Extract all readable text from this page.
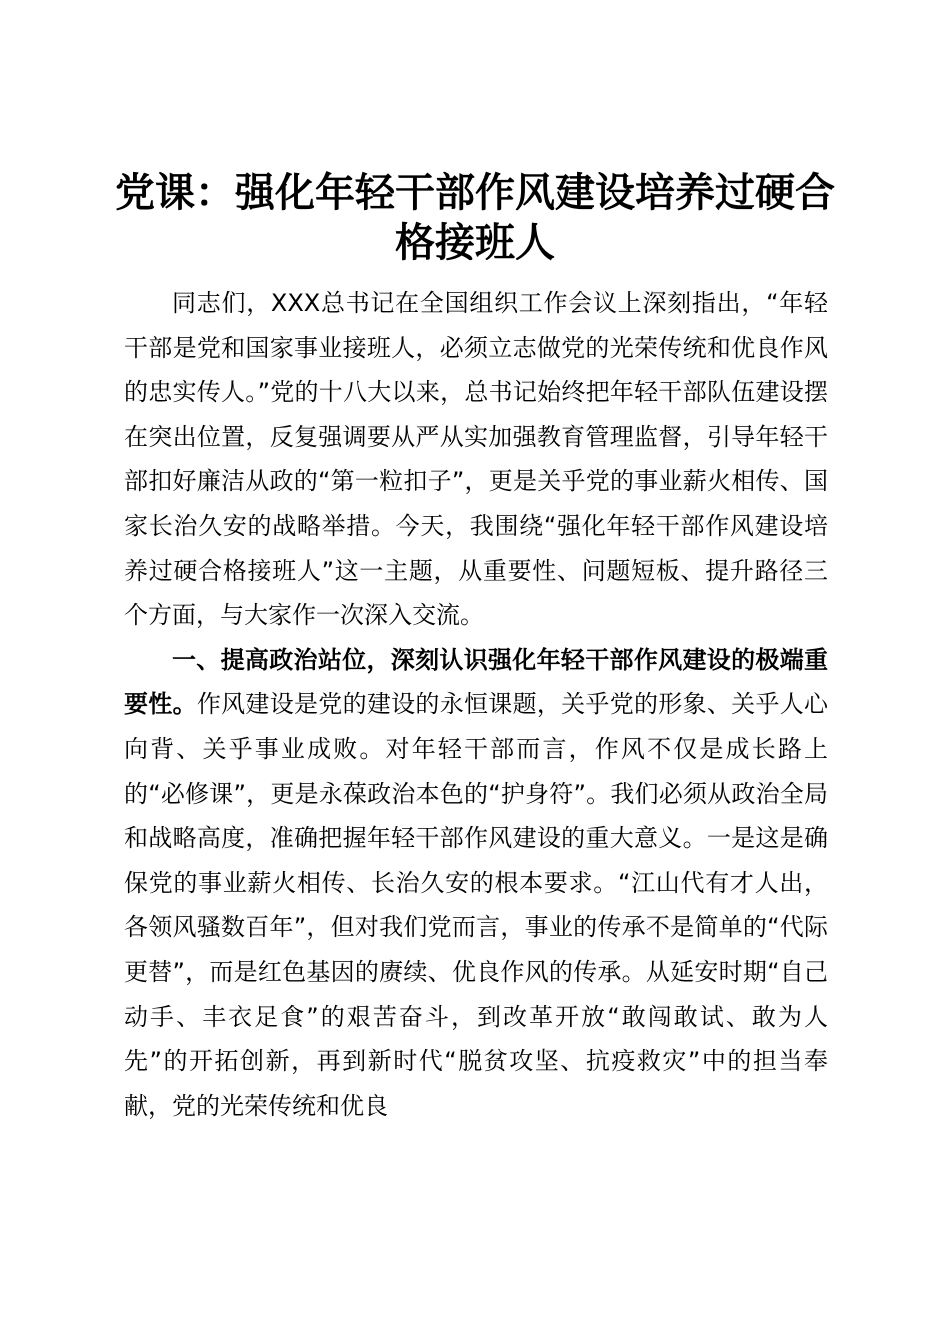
党课：强化年轻干部作风建设培养过硬合格接班人

同志们，XXX总书记在全国组织工作会议上深刻指出，“年轻干部是党和国家事业接班人，必须立志做党的光荣传统和优良作风的忠实传人。”党的十八大以来，总书记始终把年轻干部队伍建设摆在突出位置，反复强调要从严从实加强教育管理监督，引导年轻干部扣好廉洁从政的“第一粒扣子”，更是关乎党的事业薪火相传、国家长治久安的战略举措。今天，我围绕“强化年轻干部作风建设培养过硬合格接班人”这一主题，从重要性、问题短板、提升路径三个方面，与大家作一次深入交流。

一、提高政治站位，深刻认识强化年轻干部作风建设的极端重要性。作风建设是党的建设的永恒课题，关乎党的形象、关乎人心向背、关乎事业成败。对年轻干部而言，作风不仅是成长路上的“必修课”，更是永葆政治本色的“护身符”。我们必须从政治全局和战略高度，准确把握年轻干部作风建设的重大意义。一是这是确保党的事业薪火相传、长治久安的根本要求。“江山代有才人出，各领风骚数百年”，但对我们党而言，事业的传承不是简单的“代际更替”，而是红色基因的赓续、优良作风的传承。从延安时期“自己动手、丰衣足食”的艰苦奋斗，到改革开放“敢闯敢试、敢为人先”的开拓创新，再到新时代“脱贫攻坚、抗疫救灾”中的担当奉献，党的光荣传统和优良
